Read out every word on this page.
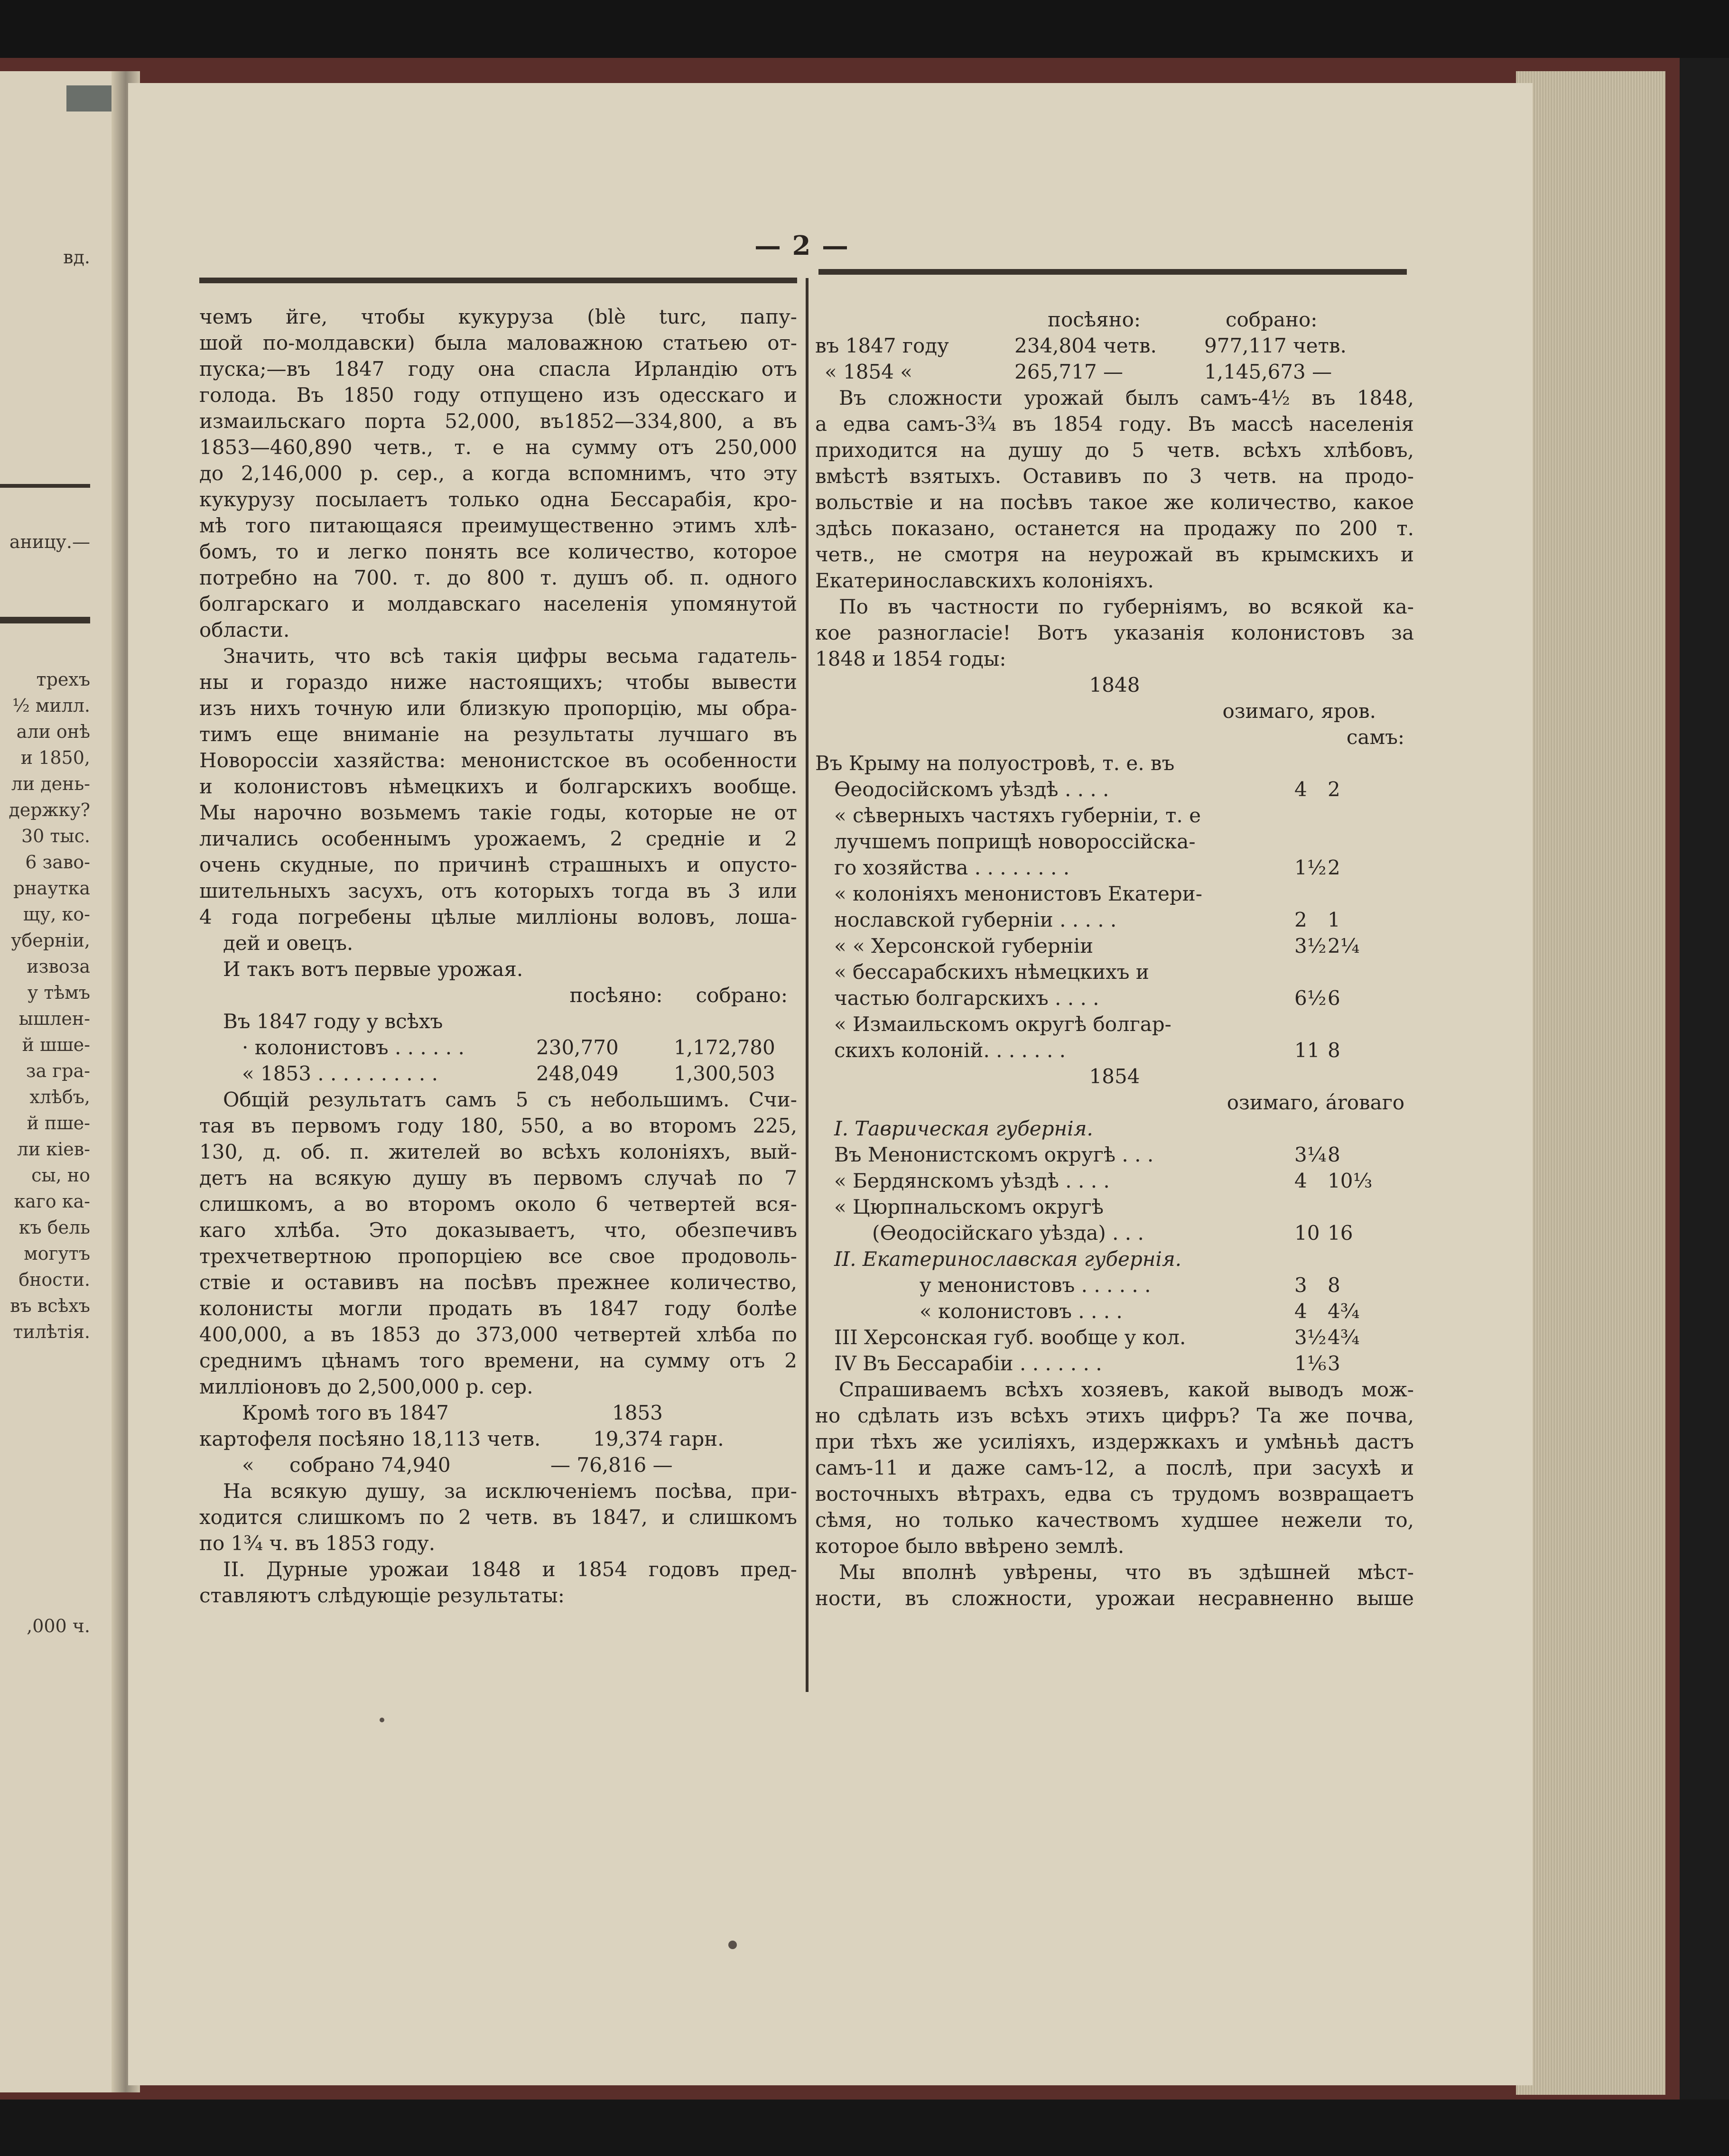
вд.
аницу.—
трехъ
½ милл.
али онѣ
и 1850,
ли день-
держку?
30 тыс.
6 заво-
рнаутка
щу, ко-
уберніи,
извоза
у тѣмъ
ышлен-
й шше-
за гра-
хлѣбъ,
й пше-
ли кiев-
сы, но
каго ка-
къ бель
могутъ
бности.
въ всѣхъ
тилѣтія.
,000 ч.
— 2 —

чемъ йге, чтобы кукуруза (blè turc, папу-

шой по-молдавски) была маловажною статьею от-

пуска;—въ 1847 году она спасла Ирландію отъ

голода. Въ 1850 году отпущено изъ одесскаго и

измаильскаго порта 52,000, въ1852—334,800, а въ

1853—460,890 четв., т. е на сумму отъ 250,000

до 2,146,000 р. сер., а когда вспомнимъ, что эту

кукурузу посылаетъ только одна Бессарабія, кро-

мѣ того питающаяся преимущественно этимъ хлѣ-

бомъ, то и легко понять все количество, которое

потребно на 700. т. до 800 т. душъ об. п. одного

болгарскаго и молдавскаго населенія упомянутой

области.

Значить, что всѣ такія цифры весьма гадатель-

ны и гораздо ниже настоящихъ; чтобы вывести

изъ нихъ точную или близкую пропорцію, мы обра-

тимъ еще вниманіе на результаты лучшаго въ

Новороссіи хазяйства: менонистское въ особенности

и колонистовъ нѣмецкихъ и болгарскихъ вообще.

Мы нарочно возьмемъ такіе годы, которые не от

личались особеннымъ урожаемъ, 2 средніе и 2

очень скудные, по причинѣ страшныхъ и опусто-

шительныхъ засухъ, отъ которыхъ тогда въ 3 или

4 года погребены цѣлые милліоны воловъ, лошa-

дей и овецъ.

И такъ вотъ первые урожая.

посѣяно: собрано:

Въ 1847 году у всѣхъ

· колонистовъ . . . . . .	230,770	1,172,780
« 1853 . . . . . . . . . .	248,049	1,300,503

Общій результатъ самъ 5 съ небольшимъ. Счи-

тая въ первомъ году 180, 550, а во второмъ 225,

130, д. об. п. жителей во всѣхъ колоніяхъ, вый-

детъ на всякую душу въ первомъ случаѣ по 7

слишкомъ, а во второмъ около 6 четвертей вся-

каго хлѣба. Это доказываетъ, что, обезпечивъ

трехчетвертною пропорціею все свое продоволь-

ствіе и оставивъ на посѣвъ прежнее количество,

колонисты могли продать въ 1847 году болѣе

400,000, а въ 1853 до 373,000 четвертей хлѣба по

среднимъ цѣнамъ того времени, на сумму отъ 2

милліоновъ до 2,500,000 р. сер.

Кромѣ того въ 1847	1853
картофеля посѣяно 18,113 четв.	19,374 гарн.
«	собрано 74,940	— 76,816 —

На всякую душу, за исключеніемъ посѣва, при-

ходится слишкомъ по 2 четв. въ 1847, и слишкомъ

по 1¾ ч. въ 1853 году.

II. Дурные урожаи 1848 и 1854 годовъ пред-

ставляютъ слѣдующіе результаты:

посѣяно:	собрано:
въ 1847 году	234,804 четв.	977,117 четв.
« 1854 «	265,717 —	1,145,673 —

Въ сложности урожай былъ самъ-4½ въ 1848,

а едва самъ-3¾ въ 1854 году. Въ массѣ населенія

приходится на душу до 5 четв. всѣхъ хлѣбовъ,

вмѣстѣ взятыхъ. Оставивъ по 3 четв. на продо-

вольствіе и на посѣвъ такое же количество, какое

здѣсь показано, останется на продажу по 200 т.

четв., не смотря на неурожай въ крымскихъ и

Екатеринославскихъ колоніяхъ.

По въ частности по губерніямъ, во всякой ка-

кое разногласіе! Вотъ указанія колонистовъ за

1848 и 1854 годы:

1848

озимаго, яров.

самъ:

Въ Крыму на полуостровѣ, т. е. въ
Өеодосійскомъ уѣздѣ . . . .	4	2
« сѣверныхъ частяхъ губерніи, т. е
лучшемъ поприщѣ новороссійска-
го хозяйства . . . . . . . .	1½ 2
« колоніяхъ менонистовъ Екатери-
нославской губерніи . . . . .	2	1
« « Херсонской губерніи	3½ 2¼
« бессарабскихъ нѣмецкихъ и
частью болгарскихъ . . . .	6½ 6
« Измаильскомъ округѣ болгар-
скихъ колоній. . . . . . .	11 8

1854

озимаго, ároваго

I. Таврическая губернія.
Въ Менонистскомъ округѣ . . .	3¼ 8
« Бердянскомъ уѣздѣ . . . .	4	10⅓
« Цюрпнальскомъ округѣ
(Өеодосійскаго уѣзда) . . .	10 16
II. Екатеринославская губернія.
у менонистовъ . . . . . .	3	8
« колонистовъ . . . .	4	4¾
III Херсонская губ. вообще у кол.	3½ 4¾
IV Въ Бессарабіи . . . . . . .	1⅙ 3

Спрашиваемъ всѣхъ хозяевъ, какой выводъ мож-

но сдѣлать изъ всѣхъ этихъ цифръ? Та же почва,

при тѣхъ же усиліяхъ, издержкахъ и умѣньѣ дастъ

самъ-11 и даже самъ-12, а послѣ, при засухѣ и

восточныхъ вѣтрахъ, едва съ трудомъ возвращаетъ

сѣмя, но только качествомъ худшее нежели то,

которое было ввѣрено землѣ.

Мы вполнѣ увѣрены, что въ здѣшней мѣст-

ности, въ сложности, урожаи несравненно выше
